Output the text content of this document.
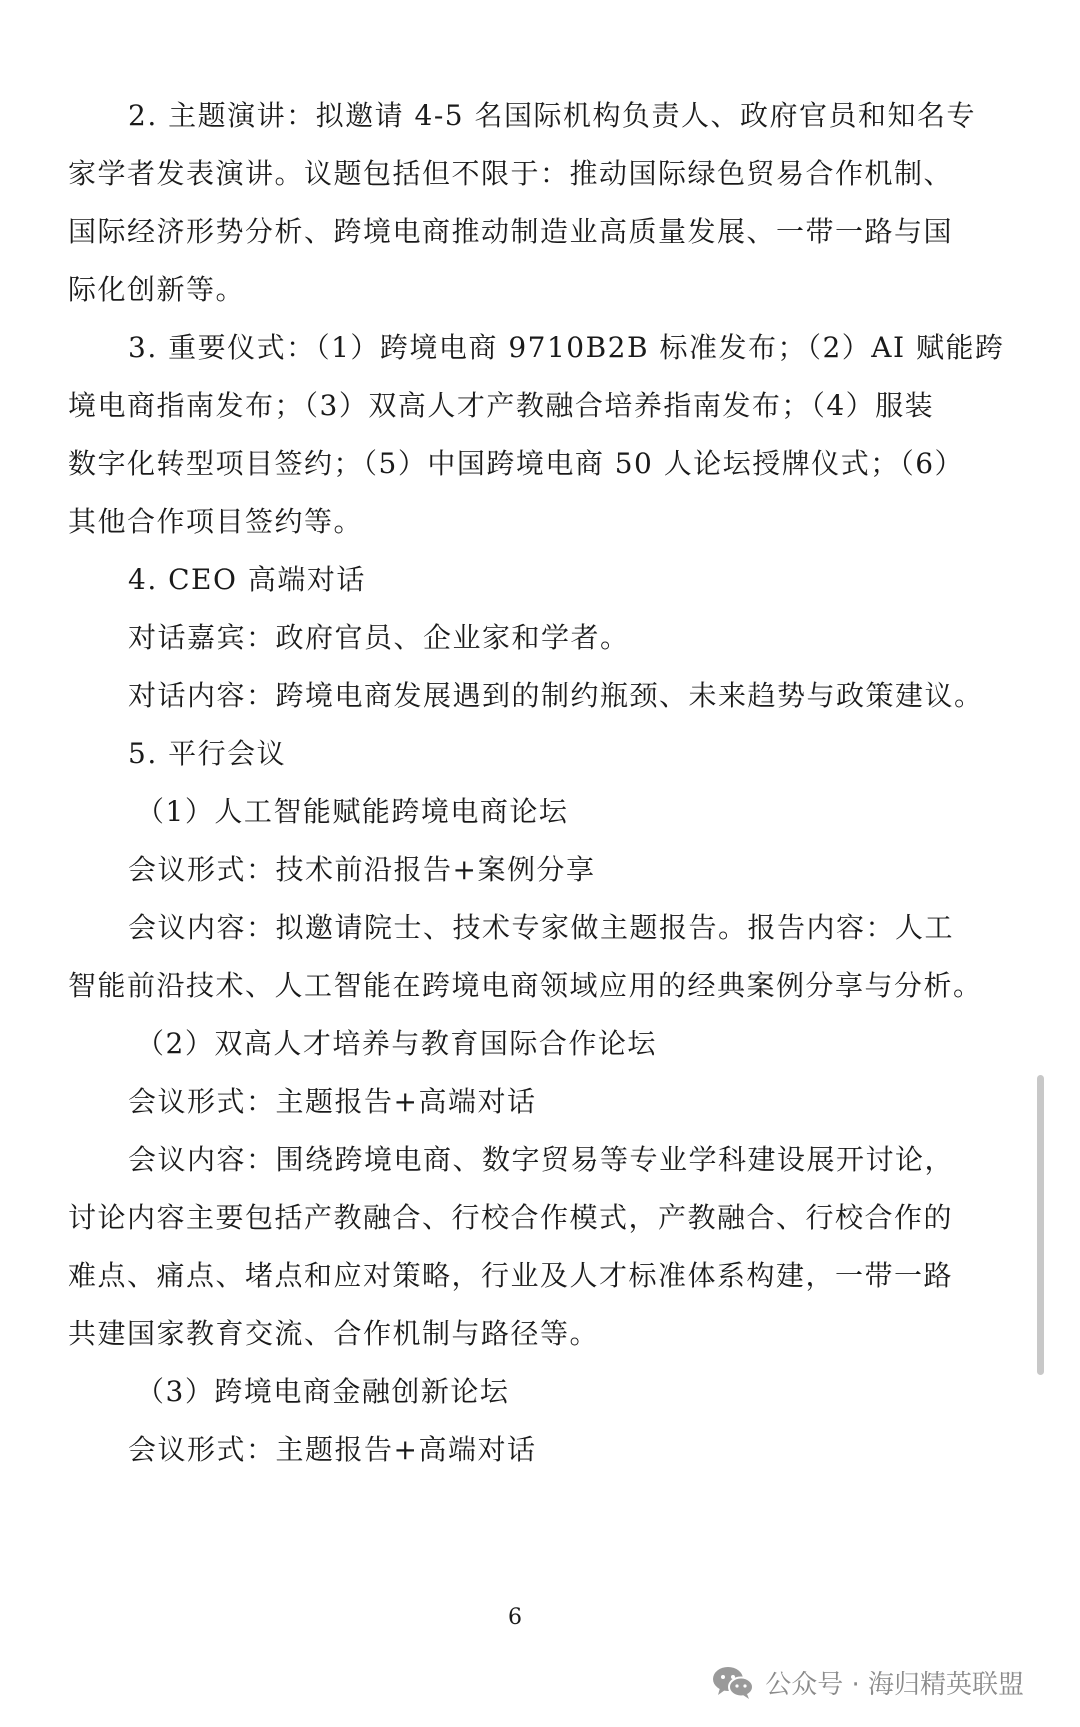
2. 主题演讲：拟邀请 4-5 名国际机构负责人、政府官员和知名专
家学者发表演讲。议题包括但不限于：推动国际绿色贸易合作机制、
国际经济形势分析、跨境电商推动制造业高质量发展、一带一路与国
际化创新等。
3. 重要仪式：（1）跨境电商 9710B2B 标准发布；（2）AI 赋能跨
境电商指南发布；（3）双高人才产教融合培养指南发布；（4）服装
数字化转型项目签约；（5）中国跨境电商 50 人论坛授牌仪式；（6）
其他合作项目签约等。
4. CEO 高端对话
对话嘉宾：政府官员、企业家和学者。
对话内容：跨境电商发展遇到的制约瓶颈、未来趋势与政策建议。
5. 平行会议
（1）人工智能赋能跨境电商论坛
会议形式：技术前沿报告+案例分享
会议内容：拟邀请院士、技术专家做主题报告。报告内容：人工
智能前沿技术、人工智能在跨境电商领域应用的经典案例分享与分析。
（2）双高人才培养与教育国际合作论坛
会议形式：主题报告+高端对话
会议内容：围绕跨境电商、数字贸易等专业学科建设展开讨论，
讨论内容主要包括产教融合、行校合作模式，产教融合、行校合作的
难点、痛点、堵点和应对策略，行业及人才标准体系构建，一带一路
共建国家教育交流、合作机制与路径等。
（3）跨境电商金融创新论坛
会议形式：主题报告+高端对话
6
公众号 · 海归精英联盟
